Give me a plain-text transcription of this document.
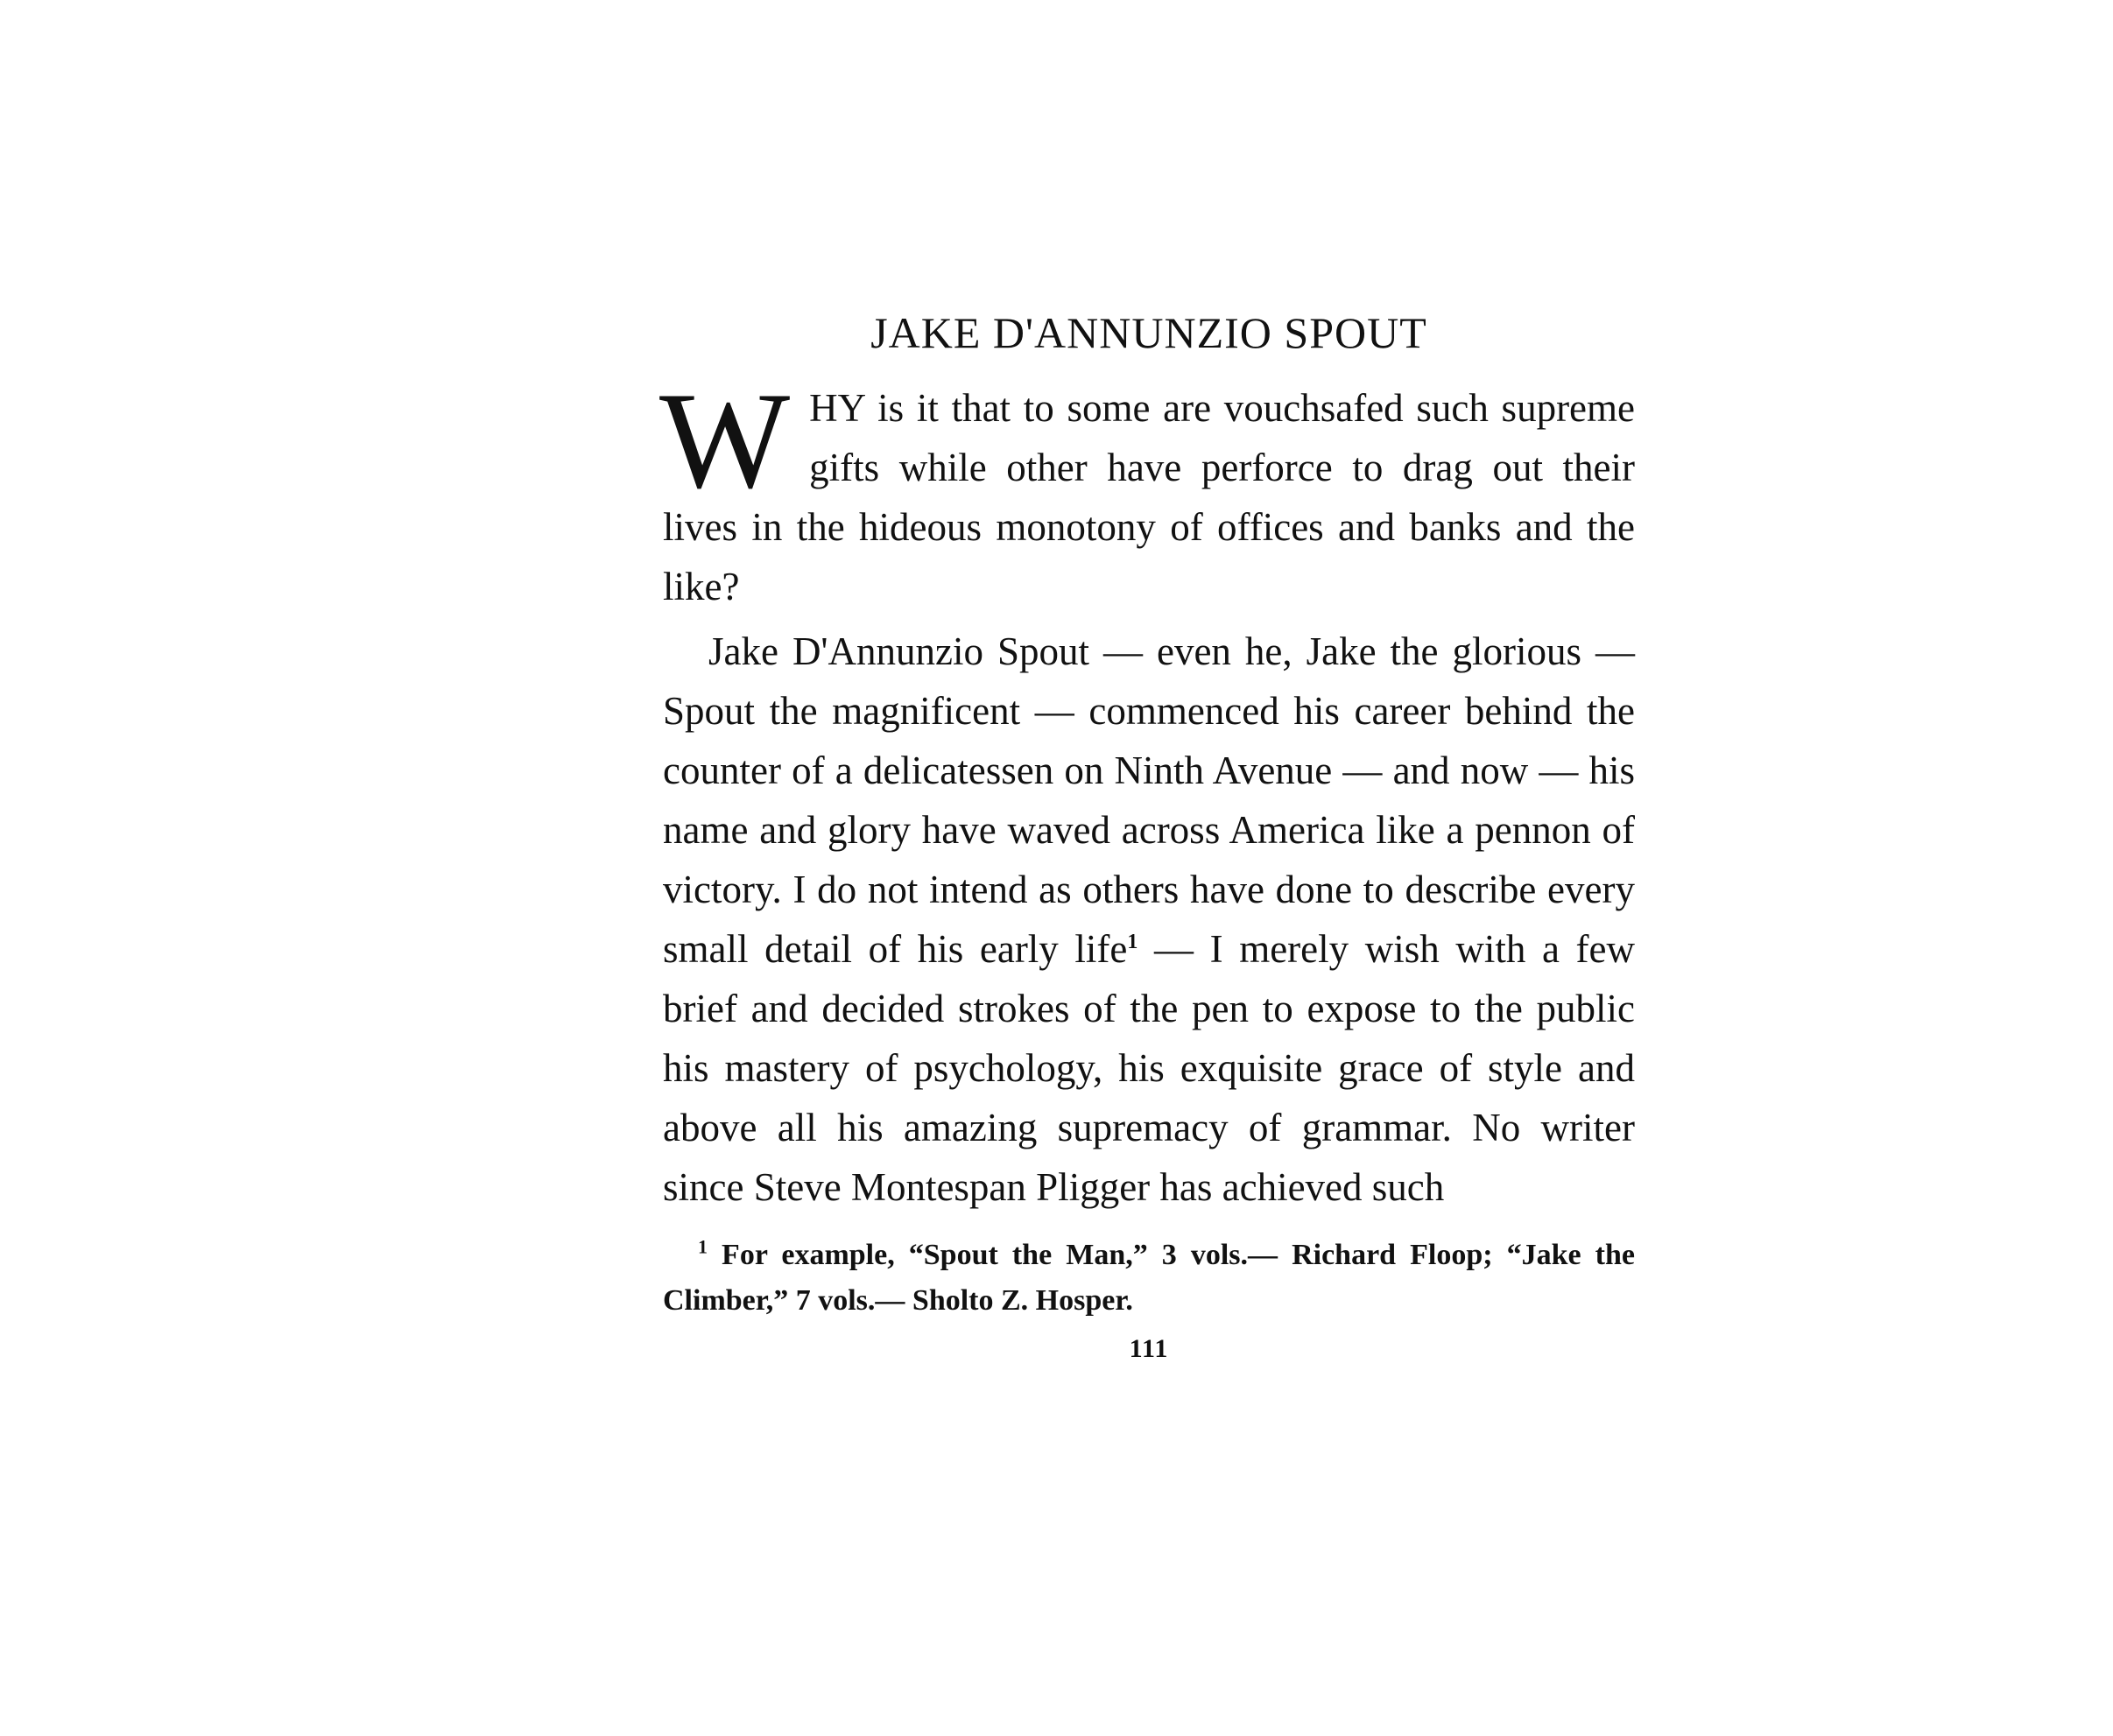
JAKE D'ANNUNZIO SPOUT

WHY is it that to some are vouchsafed such supreme gifts while other have perforce to drag out their lives in the hideous monotony of offices and banks and the like?

Jake D'Annunzio Spout — even he, Jake the glorious — Spout the magnificent — commenced his career behind the counter of a delicatessen on Ninth Avenue — and now — his name and glory have waved across America like a pennon of victory. I do not intend as others have done to describe every small detail of his early life$^1$ — I merely wish with a few brief and decided strokes of the pen to expose to the public his mastery of psychology, his exquisite grace of style and above all his amazing supremacy of grammar. No writer since Steve Montespan Pligger has achieved such

$^1$ For example, “Spout the Man,” 3 vols.— Richard Floop; “Jake the Climber,” 7 vols.— Sholto Z. Hosper.
111
